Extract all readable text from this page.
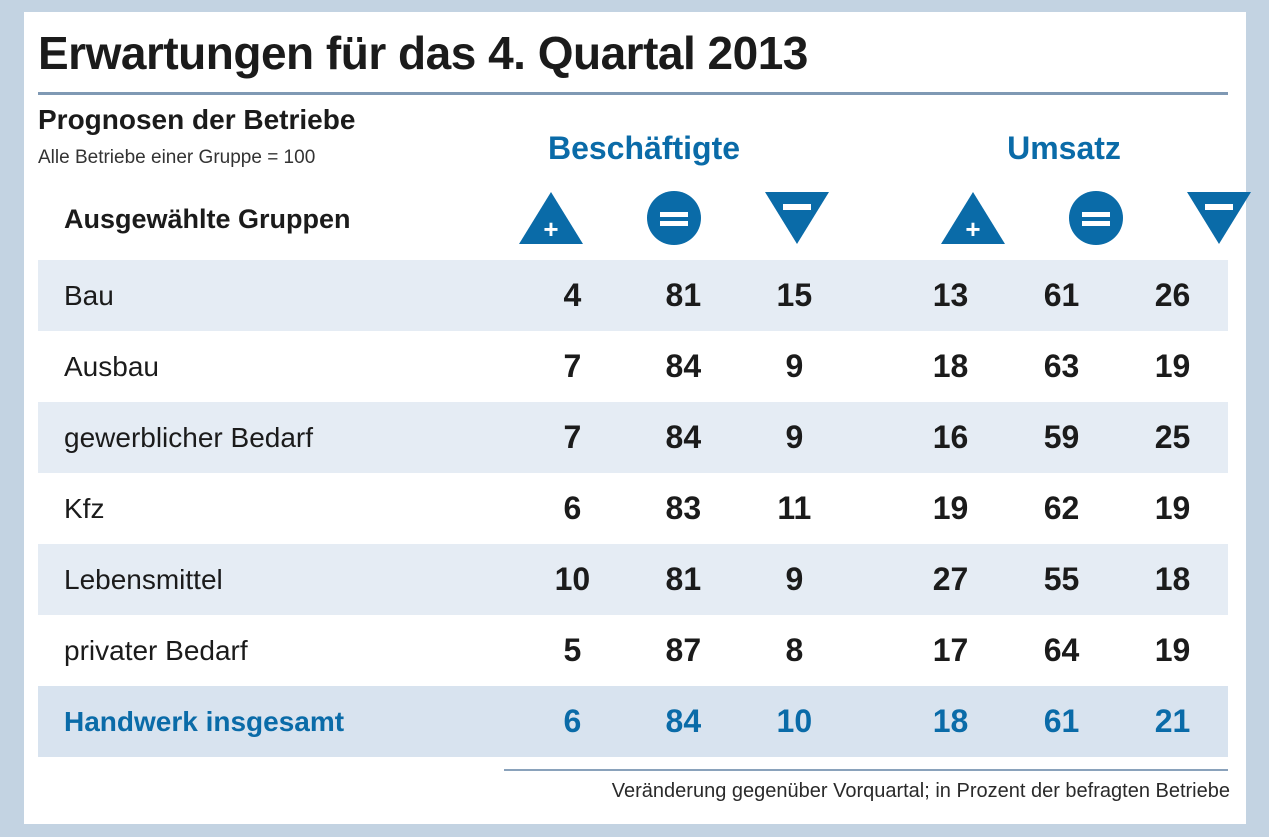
Erwartungen für das 4. Quartal 2013
Prognosen der Betriebe
Alle Betriebe einer Gruppe = 100
Ausgewählte Gruppen
Beschäftigte	Umsatz
+	+
Bau	4	81	15		13	61	26
Ausbau	7	84	9		18	63	19
gewerblicher Bedarf	7	84	9		16	59	25
Kfz	6	83	11		19	62	19
Lebensmittel	10	81	9		27	55	18
privater Bedarf	5	87	8		17	64	19
Handwerk insgesamt	6	84	10		18	61	21
Veränderung gegenüber Vorquartal; in Prozent der befragten Betriebe
